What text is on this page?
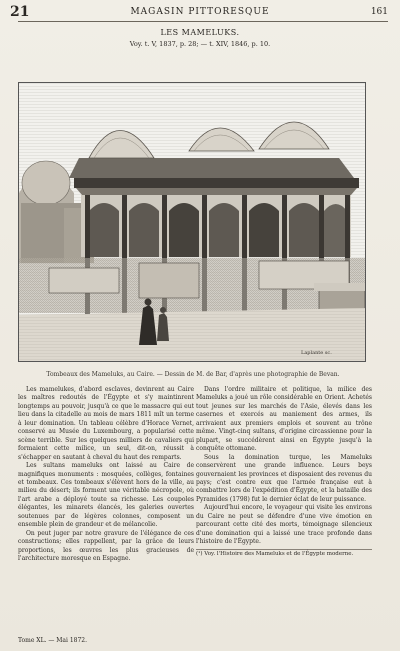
21	MAGASIN PITTORESQUE	161
LES MAMELUKS.
Voy. t. V, 1837, p. 28; — t. XIV, 1846, p. 10.
Laplante sc.
Tombeaux des Mameluks, au Caire. — Dessin de M. de Bar, d'après une photographie de Bevan.

Les mamelukes, d'abord esclaves, devinrent au Caire les maîtres redoutés de l'Égypte et s'y maintinrent longtemps au pouvoir, jusqu'à ce que le massacre qui eut lieu dans la citadelle au mois de mars 1811 mît un terme à leur domination. Un tableau célèbre d'Horace Vernet, conservé au Musée du Luxembourg, a popularisé cette scène terrible. Sur les quelques milliers de cavaliers qui formaient cette milice, un seul, dit-on, réussit à s'échapper en sautant à cheval du haut des remparts.

Les sultans mameluks ont laissé au Caire de magnifiques monuments : mosquées, collèges, fontaines et tombeaux. Ces tombeaux s'élèvent hors de la ville, au milieu du désert; ils forment une véritable nécropole, où l'art arabe a déployé toute sa richesse. Les coupoles élégantes, les minarets élancés, les galeries ouvertes soutenues par de légères colonnes, composent un ensemble plein de grandeur et de mélancolie.

On peut juger par notre gravure de l'élégance de ces constructions; elles rappellent, par la grâce de leurs proportions, les œuvres les plus gracieuses de l'architecture moresque en Espagne.

Dans l'ordre militaire et politique, la milice des Mameluks a joué un rôle considérable en Orient. Achetés tout jeunes sur les marchés de l'Asie, élevés dans les casernes et exercés au maniement des armes, ils arrivaient aux premiers emplois et souvent au trône même. Vingt-cinq sultans, d'origine circassienne pour la plupart, se succédèrent ainsi en Égypte jusqu'à la conquête ottomane.

Sous la domination turque, les Mameluks conservèrent une grande influence. Leurs beys gouvernaient les provinces et disposaient des revenus du pays; c'est contre eux que l'armée française eut à combattre lors de l'expédition d'Égypte, et la bataille des Pyramides (1798) fut le dernier éclat de leur puissance.

Aujourd'hui encore, le voyageur qui visite les environs du Caire ne peut se défendre d'une vive émotion en parcourant cette cité des morts, témoignage silencieux d'une domination qui a laissé une trace profonde dans l'histoire de l'Égypte.

(¹) Voy. l'Histoire des Mameluks et de l'Égypte moderne.

Tome XL. — Mai 1872.
